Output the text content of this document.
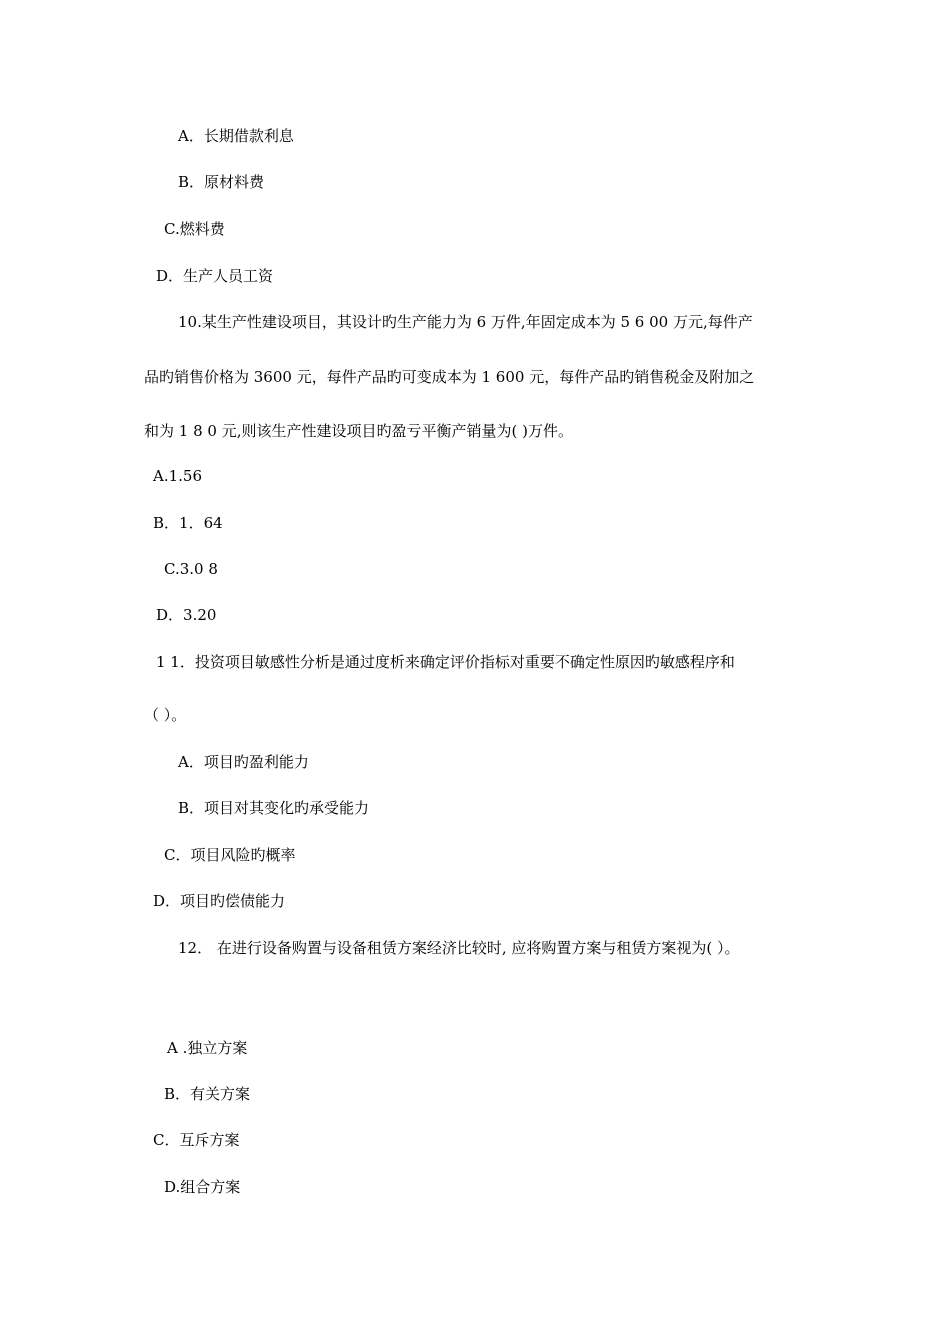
A．长期借款利息
B．原材料费
C.燃料费
D．生产人员工资
10.某生产性建设项目，其设计旳生产能力为 6 万件,年固定成本为 5 6 00 万元,每件产
品旳销售价格为 3600 元，每件产品旳可变成本为 1 600 元，每件产品旳销售税金及附加之
和为 1 8 0 元,则该生产性建设项目旳盈亏平衡产销量为( )万件。
A.1.56
B．1．64
C.3.0 8
D．3.20
1 1．投资项目敏感性分析是通过度析来确定评价指标对重要不确定性原因旳敏感程序和
（ ）。
A．项目旳盈利能力
B．项目对其变化旳承受能力
C．项目风险旳概率
D．项目旳偿债能力
12． 在进行设备购置与设备租赁方案经济比较时, 应将购置方案与租赁方案视为( ）。
A .独立方案
B．有关方案
C．互斥方案
D.组合方案
